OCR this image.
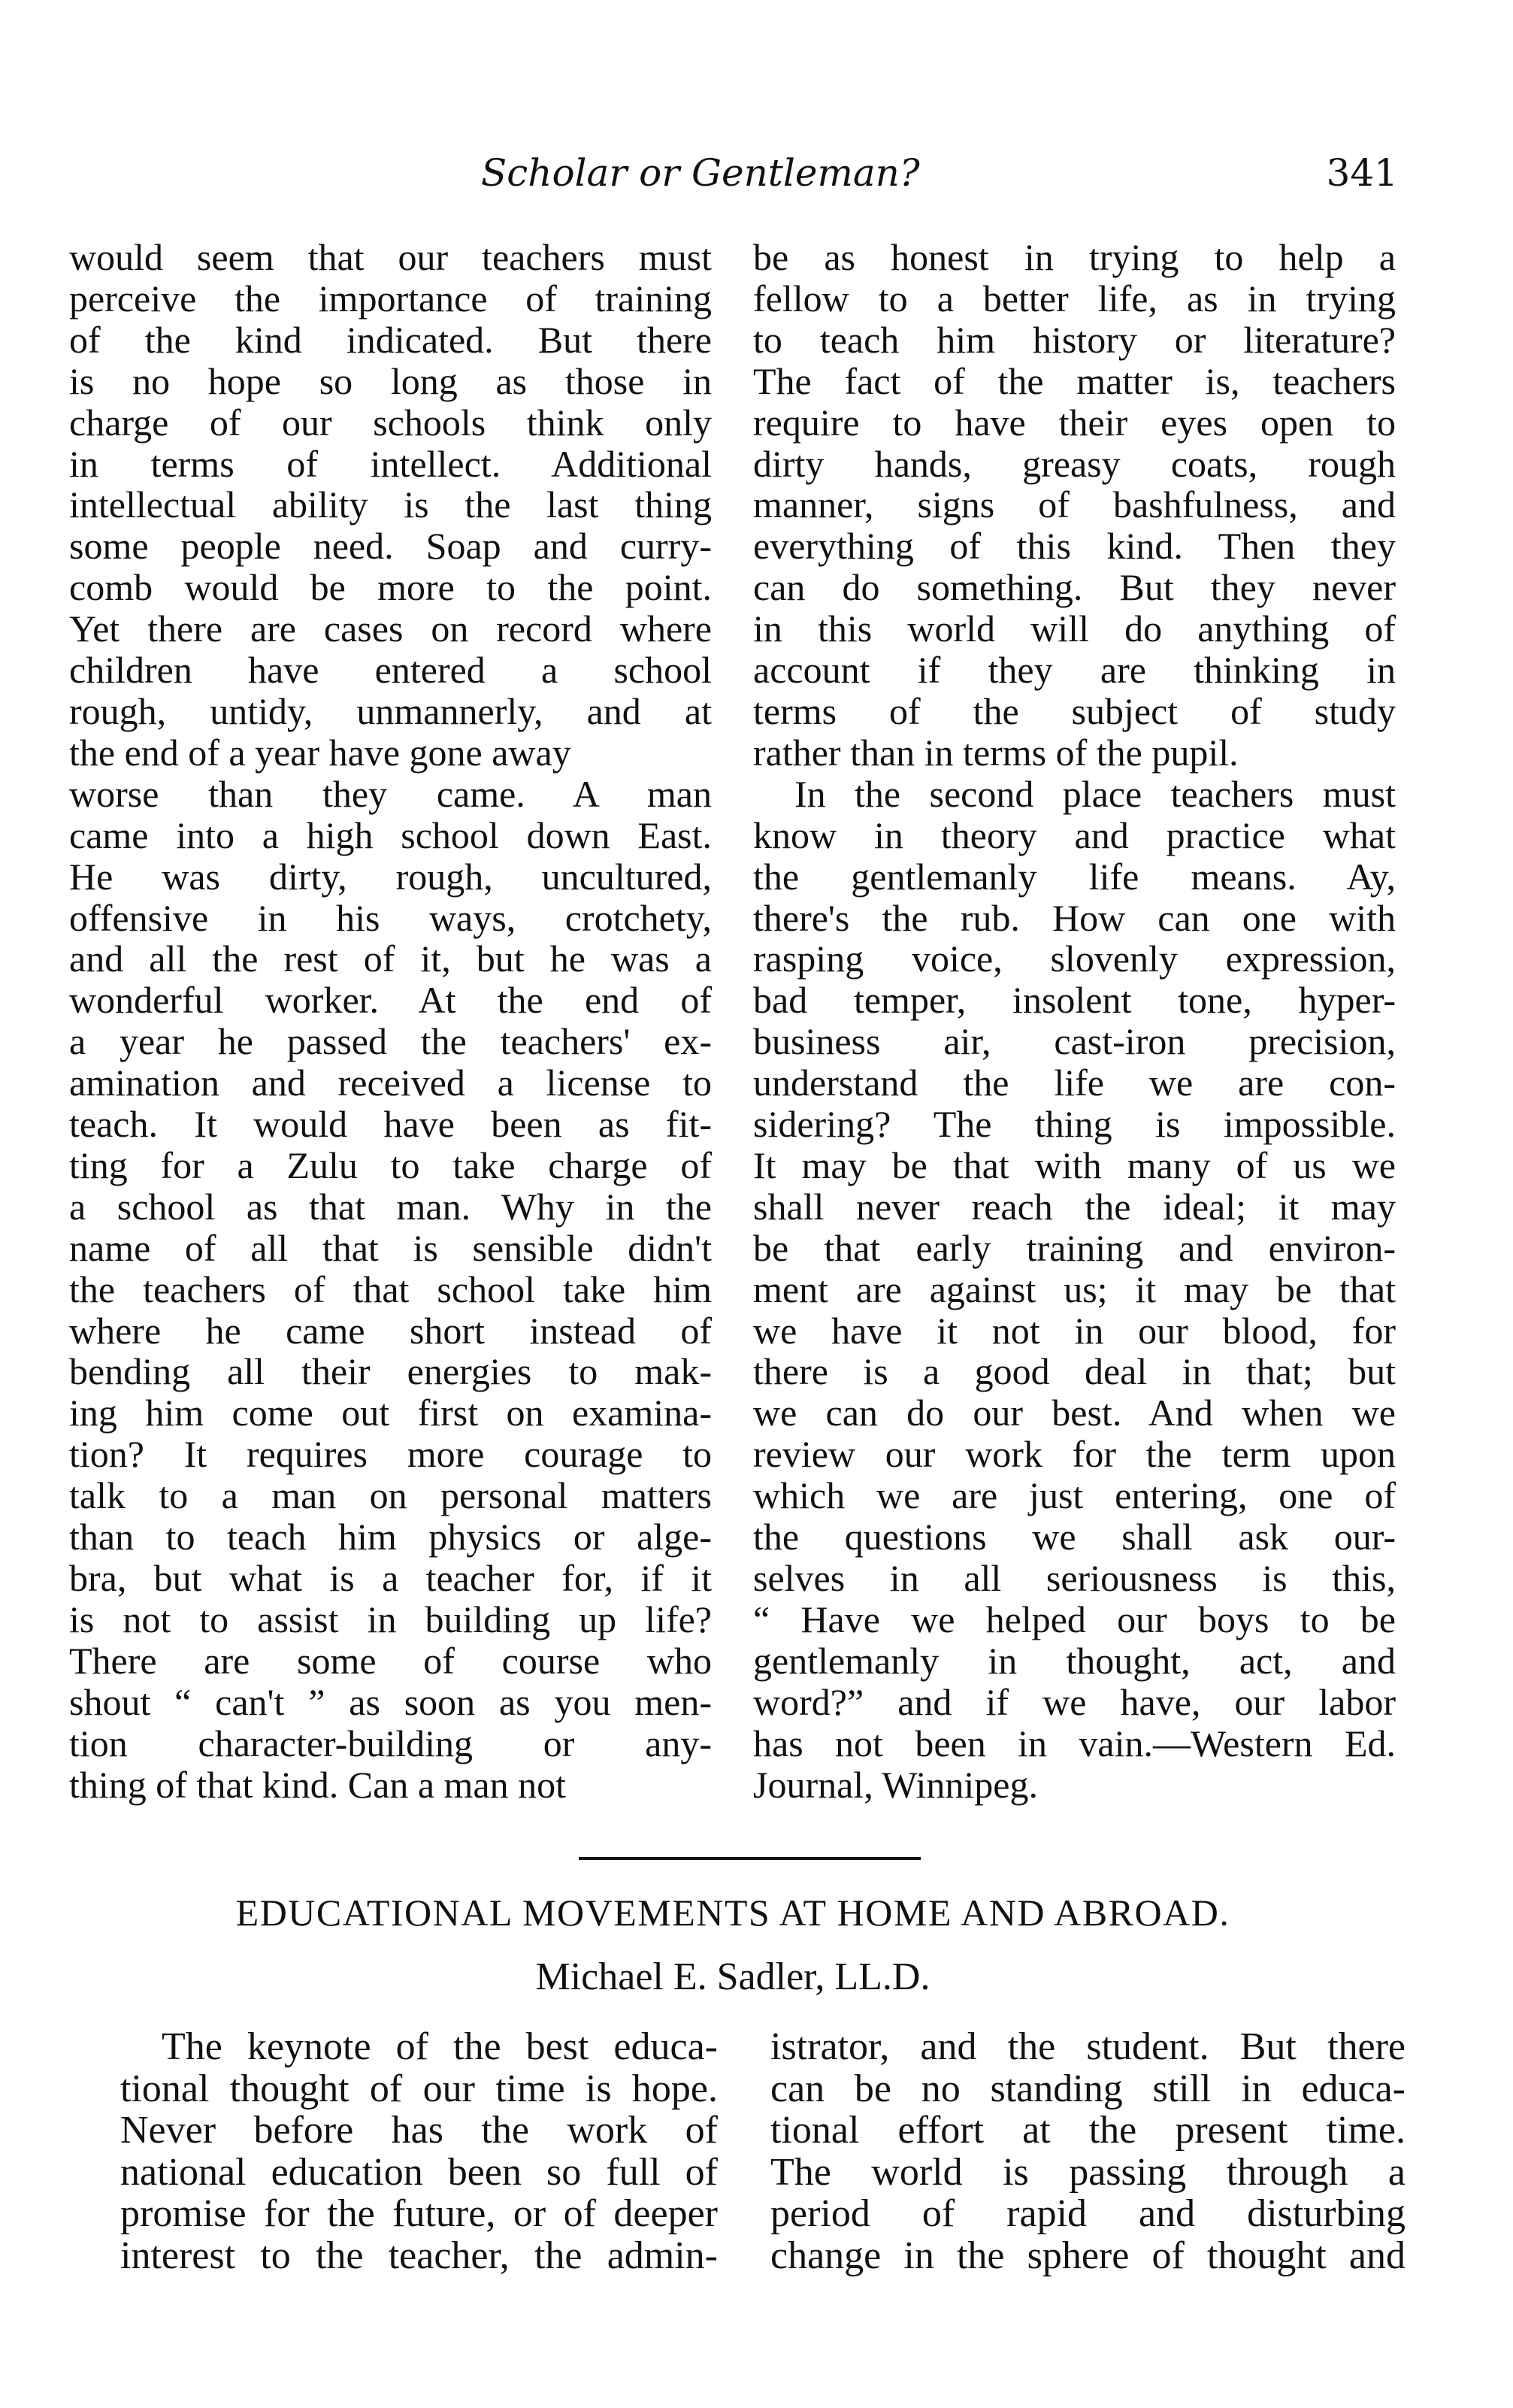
Scholar or Gentleman?	341
would seem that our teachers must
perceive the importance of training
of the kind indicated. But there
is no hope so long as those in
charge of our schools think only
in terms of intellect. Additional
intellectual ability is the last thing
some people need. Soap and curry-
comb would be more to the point.
Yet there are cases on record where
children have entered a school
rough, untidy, unmannerly, and at
the end of a year have gone away
worse than they came. A man
came into a high school down East.
He was dirty, rough, uncultured,
offensive in his ways, crotchety,
and all the rest of it, but he was a
wonderful worker. At the end of
a year he passed the teachers' ex-
amination and received a license to
teach. It would have been as fit-
ting for a Zulu to take charge of
a school as that man. Why in the
name of all that is sensible didn't
the teachers of that school take him
where he came short instead of
bending all their energies to mak-
ing him come out first on examina-
tion? It requires more courage to
talk to a man on personal matters
than to teach him physics or alge-
bra, but what is a teacher for, if it
is not to assist in building up life?
There are some of course who
shout “ can't ” as soon as you men-
tion character-building or any-
thing of that kind. Can a man not
be as honest in trying to help a
fellow to a better life, as in trying
to teach him history or literature?
The fact of the matter is, teachers
require to have their eyes open to
dirty hands, greasy coats, rough
manner, signs of bashfulness, and
everything of this kind. Then they
can do something. But they never
in this world will do anything of
account if they are thinking in
terms of the subject of study
rather than in terms of the pupil.
In the second place teachers must
know in theory and practice what
the gentlemanly life means. Ay,
there's the rub. How can one with
rasping voice, slovenly expression,
bad temper, insolent tone, hyper-
business air, cast-iron precision,
understand the life we are con-
sidering? The thing is impossible.
It may be that with many of us we
shall never reach the ideal; it may
be that early training and environ-
ment are against us; it may be that
we have it not in our blood, for
there is a good deal in that; but
we can do our best. And when we
review our work for the term upon
which we are just entering, one of
the questions we shall ask our-
selves in all seriousness is this,
“ Have we helped our boys to be
gentlemanly in thought, act, and
word?” and if we have, our labor
has not been in vain.—Western Ed.
Journal, Winnipeg.
EDUCATIONAL MOVEMENTS AT HOME AND ABROAD.
Michael E. Sadler, LL.D.
The keynote of the best educa-
tional thought of our time is hope.
Never before has the work of
national education been so full of
promise for the future, or of deeper
interest to the teacher, the admin-
istrator, and the student. But there
can be no standing still in educa-
tional effort at the present time.
The world is passing through a
period of rapid and disturbing
change in the sphere of thought and
